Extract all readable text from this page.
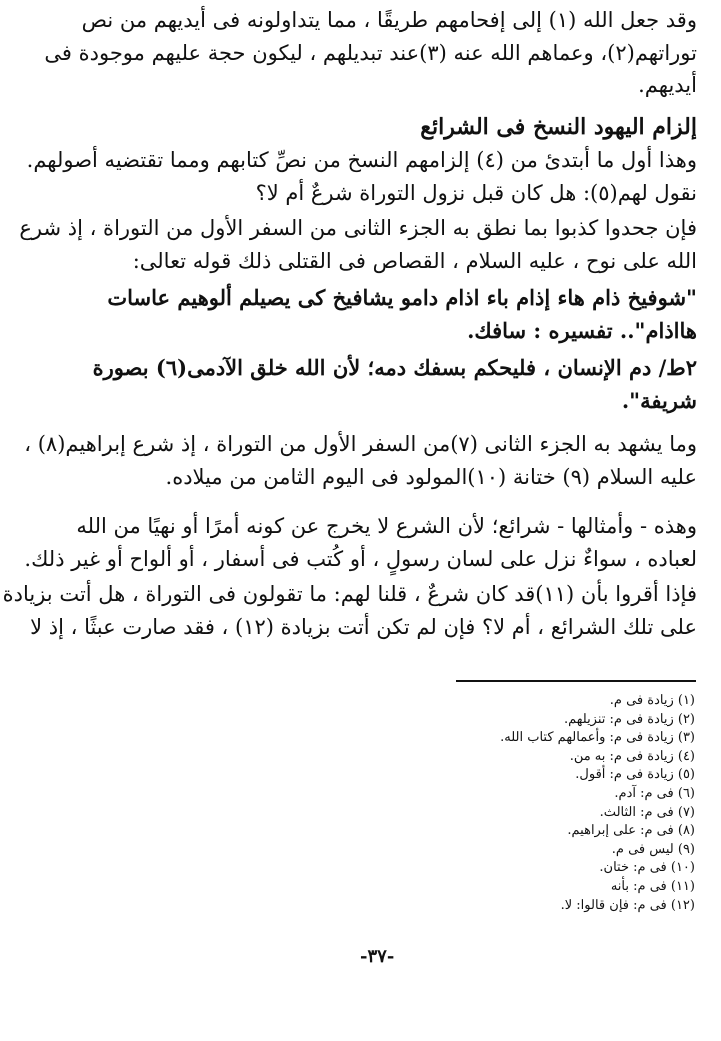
وقد جعل الله (١) إلى إفحامهم طريقًا ، مما يتداولونه فى أيديهم من نص
توراتهم(٢)، وعماهم الله عنه (٣)عند تبديلهم ، ليكون حجة عليهم موجودة فى
أيديهم.

إلزام اليهود النسخ فى الشرائع

وهذا أول ما أبتدئ من (٤) إلزامهم النسخ من نصِّ كتابهم ومما تقتضيه أصولهم.
نقول لهم(٥): هل كان قبل نزول التوراة شرعٌ أم لا؟

فإن جحدوا كذبوا بما نطق به الجزء الثانى من السفر الأول من التوراة ، إذ شرع
الله على نوح ، عليه السلام ، القصاص فى القتلى ذلك قوله تعالى:

"شوفيخ ذام هاء إذام باء اذام دامو يشافيخ كى يصيلم ألوهيم عاسات
هااذام".. تفسيره : سافك.

٢ط/ دم الإنسان ، فليحكم بسفك دمه؛ لأن الله خلق الآدمى(٦) بصورة
شريفة".

وما يشهد به الجزء الثانى (٧)من السفر الأول من التوراة ، إذ شرع إبراهيم(٨) ،
عليه السلام (٩) ختانة (١٠)المولود فى اليوم الثامن من ميلاده.

وهذه - وأمثالها - شرائع؛ لأن الشرع لا يخرج عن كونه أمرًا أو نهيًا من الله
لعباده ، سواءٌ نزل على لسان رسولٍ ، أو كُتب فى أسفار ، أو ألواح أو غير ذلك.

فإذا أقروا بأن (١١)قد كان شرعٌ ، قلنا لهم: ما تقولون فى التوراة ، هل أتت بزيادة
على تلك الشرائع ، أم لا؟ فإن لم تكن أتت بزيادة (١٢) ، فقد صارت عبثًا ، إذ لا

(١) زيادة فى م.
(٢) زيادة فى م: تنزيلهم.
(٣) زيادة فى م: وأعمالهم كتاب الله.
(٤) زيادة فى م: به من.
(٥) زيادة فى م: أقول.
(٦) فى م: آدم.
(٧) فى م: الثالث.
(٨) فى م: على إبراهيم.
(٩) ليس فى م.
(١٠) فى م: ختان.
(١١) فى م: بأنه
(١٢) فى م: فإن قالوا: لا.
-٣٧-
